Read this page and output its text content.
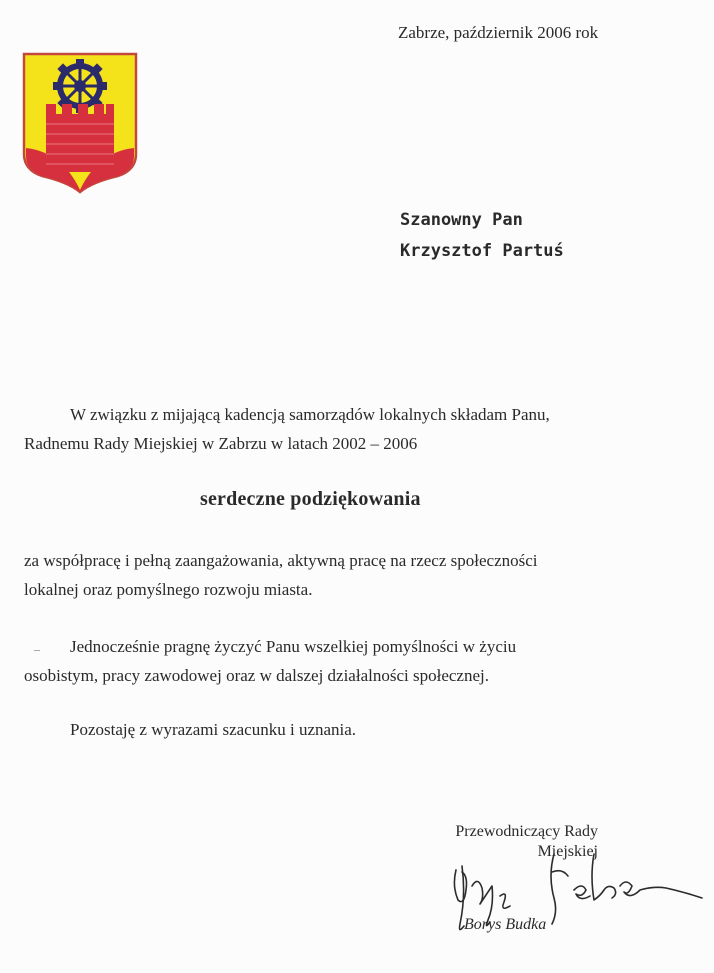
Zabrze, październik 2006 rok
Szanowny Pan
Krzysztof Partuś
W związku z mijającą kadencją samorządów lokalnych składam Panu,
Radnemu Rady Miejskiej w Zabrzu w latach 2002 – 2006
serdeczne podziękowania
za współpracę i pełną zaangażowania, aktywną pracę na rzecz społeczności
lokalnej oraz pomyślnego rozwoju miasta.
Jednocześnie pragnę życzyć Panu wszelkiej pomyślności w życiu
osobistym, pracy zawodowej oraz w dalszej działalności społecznej.
Pozostaję z wyrazami szacunku i uznania.
Przewodniczący Rady
Miejskiej
Borys Budka
